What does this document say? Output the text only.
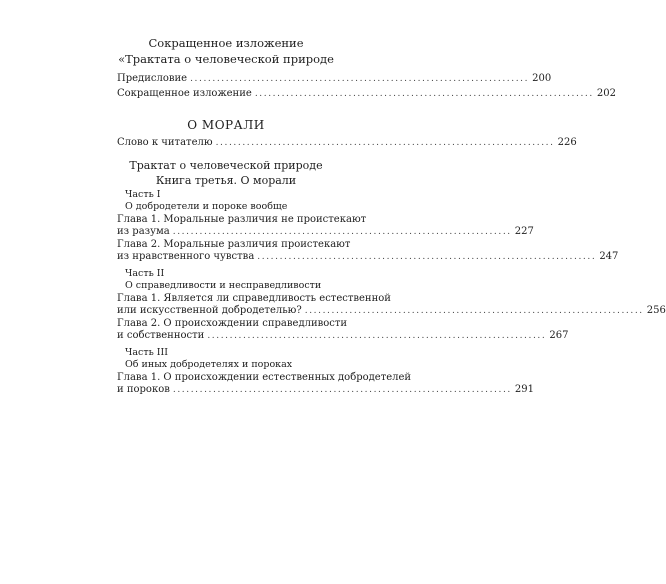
Сокращенное изложение
«Трактата о человеческой природе
Предисловие ............................................................................ 200
Сокращенное изложение ............................................................................ 202
О МОРАЛИ
Слово к читателю ............................................................................ 226
Трактат о человеческой природе
Книга третья. О морали
Часть I
О добродетели и пороке вообще
Глава 1. Моральные различия не проистекают
из разума ............................................................................ 227
Глава 2. Моральные различия проистекают
из нравственного чувства ............................................................................ 247
Часть II
О справедливости и несправедливости
Глава 1. Является ли справедливость естественной
или искусственной добродетелью? ............................................................................ 256
Глава 2. О происхождении справедливости
и собственности ............................................................................ 267
Часть III
Об иных добродетелях и пороках
Глава 1. О происхождении естественных добродетелей
и пороков ............................................................................ 291
